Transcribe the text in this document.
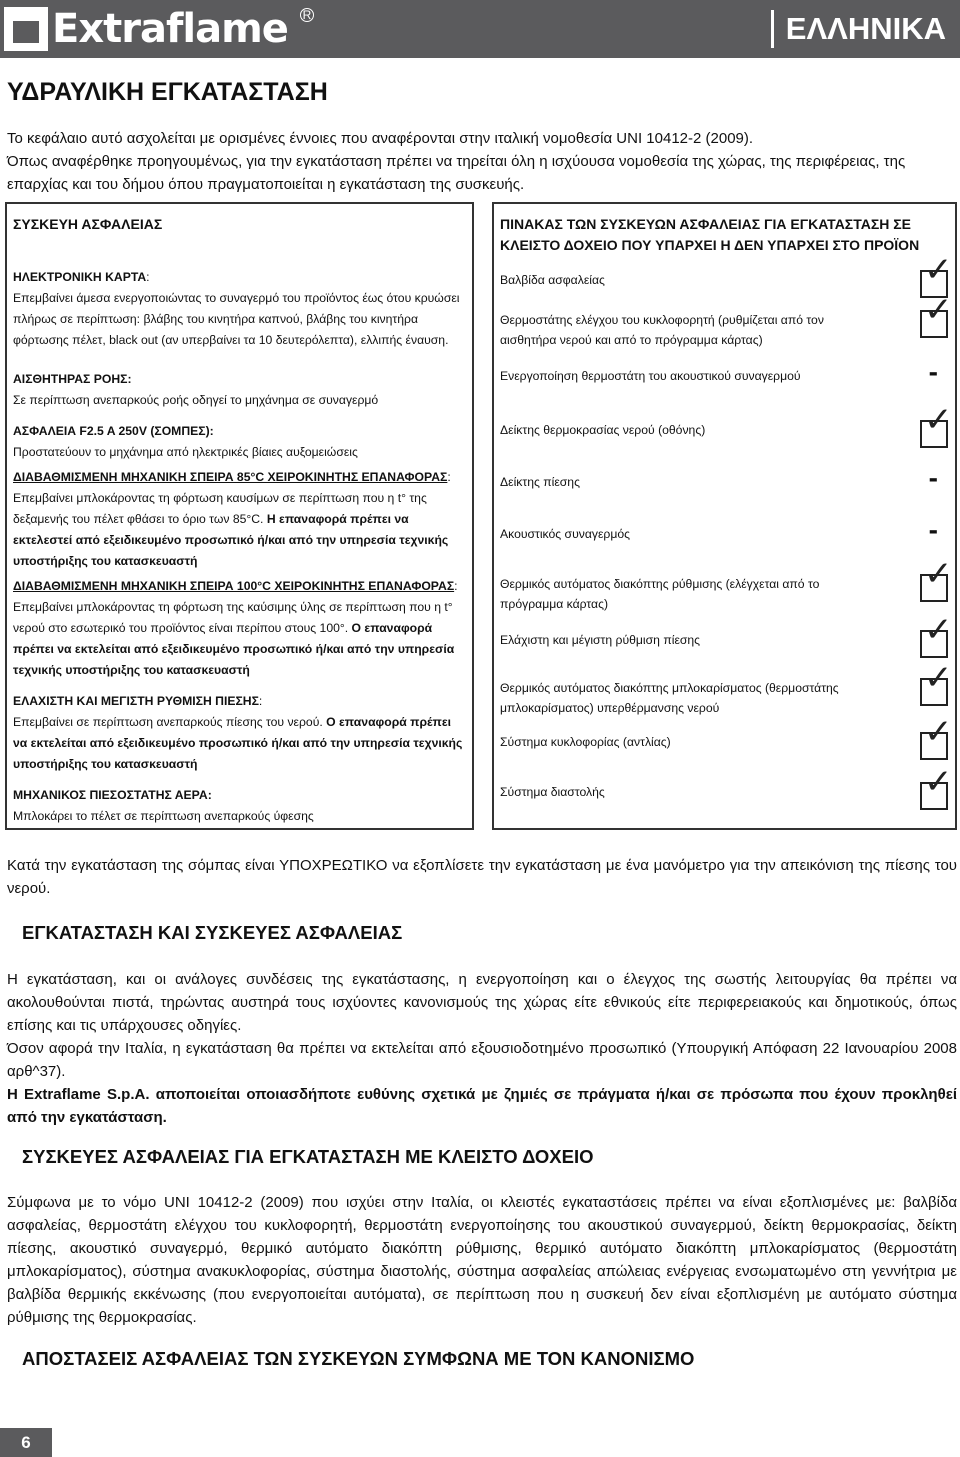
Extraflame R	ΕΛΛΗΝΙΚΑ
ΥΔΡΑΥΛΙΚΗ ΕΓΚΑΤΑΣΤΑΣΗ

Το κεφάλαιο αυτό ασχολείται με ορισμένες έννοιες που αναφέρονται στην ιταλική νομοθεσία UNI 10412-2 (2009).

Όπως αναφέρθηκε προηγουμένως, για την εγκατάσταση πρέπει να τηρείται όλη η ισχύουσα νομοθεσία της χώρας, της περιφέρειας, της επαρχίας και του δήμου όπου πραγματοποιείται η εγκατάσταση της συσκευής.

ΣΥΣΚΕΥΗ ΑΣΦΑΛΕΙΑΣ

ΗΛΕΚΤΡΟΝΙΚΗ ΚΑΡΤΑ:
Επεμβαίνει άμεσα ενεργοποιώντας το συναγερμό του προϊόντος έως ότου κρυώσει πλήρως σε περίπτωση: βλάβης του κινητήρα καπνού, βλάβης του κινητήρα φόρτωσης πέλετ, black out (αν υπερβαίνει τα 10 δευτερόλεπτα), ελλιπής έναυση.

ΑΙΣΘΗΤΗΡΑΣ ΡΟΗΣ:
Σε περίπτωση ανεπαρκούς ροής οδηγεί το μηχάνημα σε συναγερμό

ΑΣΦΑΛΕΙΑ F2.5 A 250V (ΣΟΜΠΕΣ):
Προστατεύουν το μηχάνημα από ηλεκτρικές βίαιες αυξομειώσεις

ΔΙΑΒΑΘΜΙΣΜΕΝΗ ΜΗΧΑΝΙΚΗ ΣΠΕΙΡΑ 85°C ΧΕΙΡΟΚΙΝΗΤΗΣ ΕΠΑΝΑΦΟΡΑΣ:
Επεμβαίνει μπλοκάροντας τη φόρτωση καυσίμων σε περίπτωση που η t° της δεξαμενής του πέλετ φθάσει το όριο των 85°C. Η επαναφορά πρέπει να εκτελεστεί από εξειδικευμένο προσωπικό ή/και από την υπηρεσία τεχνικής υποστήριξης του κατασκευαστή

ΔΙΑΒΑΘΜΙΣΜΕΝΗ ΜΗΧΑΝΙΚΗ ΣΠΕΙΡΑ 100°C ΧΕΙΡΟΚΙΝΗΤΗΣ ΕΠΑΝΑΦΟΡΑΣ:
Επεμβαίνει μπλοκάροντας τη φόρτωση της καύσιμης ύλης σε περίπτωση που η t° νερού στο εσωτερικό του προϊόντος είναι περίπου στους 100°. Ο επαναφορά πρέπει να εκτελείται από εξειδικευμένο προσωπικό ή/και από την υπηρεσία τεχνικής υποστήριξης του κατασκευαστή

ΕΛΑΧΙΣΤΗ ΚΑΙ ΜΕΓΙΣΤΗ ΡΥΘΜΙΣΗ ΠΙΕΣΗΣ:
Επεμβαίνει σε περίπτωση ανεπαρκούς πίεσης του νερού. Ο επαναφορά πρέπει να εκτελείται από εξειδικευμένο προσωπικό ή/και από την υπηρεσία τεχνικής υποστήριξης του κατασκευαστή

ΜΗΧΑΝΙΚΟΣ ΠΙΕΣΟΣΤΑΤΗΣ ΑΕΡΑ:
Μπλοκάρει το πέλετ σε περίπτωση ανεπαρκούς ύφεσης

ΠΙΝΑΚΑΣ ΤΩΝ ΣΥΣΚΕΥΩΝ ΑΣΦΑΛΕΙΑΣ ΓΙΑ ΕΓΚΑΤΑΣΤΑΣΗ ΣΕ ΚΛΕΙΣΤΟ ΔΟΧΕΙΟ ΠΟΥ ΥΠΑΡΧΕΙ Η ΔΕΝ ΥΠΑΡΧΕΙ ΣΤΟ ΠΡΟΪΟΝ

Βαλβίδα ασφαλείας
✓
Θερμοστάτης ελέγχου του κυκλοφορητή (ρυθμίζεται από τον αισθητήρα νερού και από το πρόγραμμα κάρτας)
✓
Ενεργοποίηση θερμοστάτη του ακουστικού συναγερμού	-
Δείκτης θερμοκρασίας νερού (οθόνης)
✓
Δείκτης πίεσης	-
Ακουστικός συναγερμός	-
Θερμικός αυτόματος διακόπτης ρύθμισης (ελέγχεται από το πρόγραμμα κάρτας)
✓
Ελάχιστη και μέγιστη ρύθμιση πίεσης
✓
Θερμικός αυτόματος διακόπτης μπλοκαρίσματος (θερμοστάτης μπλοκαρίσματος) υπερθέρμανσης νερού
✓
Σύστημα κυκλοφορίας (αντλίας)
✓
Σύστημα διαστολής
✓

Κατά την εγκατάσταση της σόμπας είναι ΥΠΟΧΡΕΩΤΙΚΟ να εξοπλίσετε την εγκατάσταση με ένα μανόμετρο για την απεικόνιση της πίεσης του νερού.

ΕΓΚΑΤΑΣΤΑΣΗ ΚΑΙ ΣΥΣΚΕΥΕΣ ΑΣΦΑΛΕΙΑΣ

Η εγκατάσταση, και οι ανάλογες συνδέσεις της εγκατάστασης, η ενεργοποίηση και ο έλεγχος της σωστής λειτουργίας θα πρέπει να ακολουθούνται πιστά, τηρώντας αυστηρά τους ισχύοντες κανονισμούς της χώρας είτε εθνικούς είτε περιφερειακούς και δημοτικούς, όπως επίσης και τις υπάρχουσες οδηγίες.

Όσον αφορά την Ιταλία, η εγκατάσταση θα πρέπει να εκτελείται από εξουσιοδοτημένο προσωπικό (Υπουργική Απόφαση 22 Ιανουαρίου 2008 αρθ^37).

Η Extraflame S.p.A. αποποιείται οποιασδήποτε ευθύνης σχετικά με ζημιές σε πράγματα ή/και σε πρόσωπα που έχουν προκληθεί από την εγκατάσταση.

ΣΥΣΚΕΥΕΣ ΑΣΦΑΛΕΙΑΣ ΓΙΑ ΕΓΚΑΤΑΣΤΑΣΗ ΜΕ ΚΛΕΙΣΤΟ ΔΟΧΕΙΟ

Σύμφωνα με το νόμο UNI 10412-2 (2009) που ισχύει στην Ιταλία, οι κλειστές εγκαταστάσεις πρέπει να είναι εξοπλισμένες με: βαλβίδα ασφαλείας, θερμοστάτη ελέγχου του κυκλοφορητή, θερμοστάτη ενεργοποίησης του ακουστικού συναγερμού, δείκτη θερμοκρασίας, δείκτη πίεσης, ακουστικό συναγερμό, θερμικό αυτόματο διακόπτη ρύθμισης, θερμικό αυτόματο διακόπτη μπλοκαρίσματος (θερμοστάτη μπλοκαρίσματος), σύστημα ανακυκλοφορίας, σύστημα διαστολής, σύστημα ασφαλείας απώλειας ενέργειας ενσωματωμένο στη γεννήτρια με βαλβίδα θερμικής εκκένωσης (που ενεργοποιείται αυτόματα), σε περίπτωση που η συσκευή δεν είναι εξοπλισμένη με αυτόματο σύστημα ρύθμισης της θερμοκρασίας.

ΑΠΟΣΤΑΣΕΙΣ ΑΣΦΑΛΕΙΑΣ ΤΩΝ ΣΥΣΚΕΥΩΝ ΣΥΜΦΩΝΑ ΜΕ ΤΟΝ ΚΑΝΟΝΙΣΜΟ
6
